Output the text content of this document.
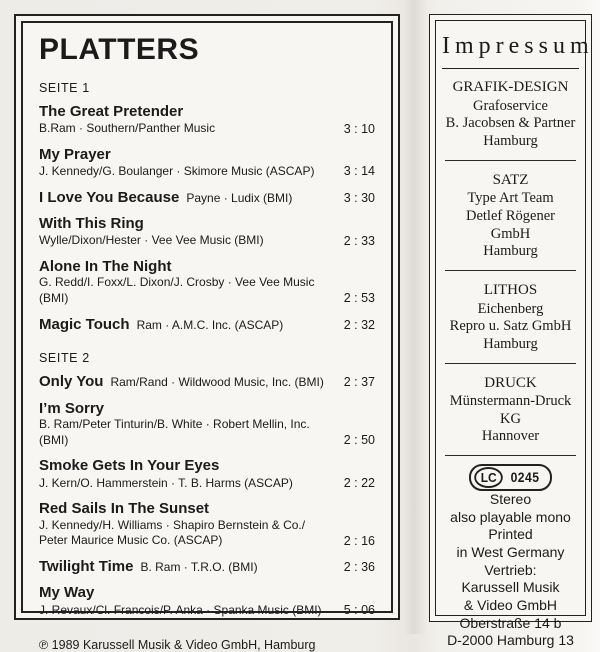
PLATTERS
SEITE 1
The Great Pretender
B.Ram · Southern/Panther Music	3 : 10
My Prayer
J. Kennedy/G. Boulanger · Skimore Music (ASCAP)	3 : 14
I Love You Because Payne · Ludix (BMI)	3 : 30
With This Ring
Wylle/Dixon/Hester · Vee Vee Music (BMI)	2 : 33
Alone In The Night
G. Redd/I. Foxx/L. Dixon/J. Crosby · Vee Vee Music (BMI)	2 : 53
Magic Touch Ram · A.M.C. Inc. (ASCAP)	2 : 32
SEITE 2
Only You Ram/Rand · Wildwood Music, Inc. (BMI)	2 : 37
I’m Sorry
B. Ram/Peter Tinturin/B. White · Robert Mellin, Inc. (BMI)	2 : 50
Smoke Gets In Your Eyes
J. Kern/O. Hammerstein · T. B. Harms (ASCAP)	2 : 22
Red Sails In The Sunset
J. Kennedy/H. Williams · Shapiro Bernstein & Co./
Peter Maurice Music Co. (ASCAP)	2 : 16
Twilight Time B. Ram · T.R.O. (BMI)	2 : 36
My Way
J. Revaux/Cl. Francois/P. Anka · Spanka Music (BMI)	5 : 06
℗ 1989 Karussell Musik & Video GmbH, Hamburg
Impressum
GRAFIK-DESIGN
Grafoservice
B. Jacobsen & Partner
Hamburg
SATZ
Type Art Team
Detlef Rögener GmbH
Hamburg
LITHOS
Eichenberg
Repro u. Satz GmbH
Hamburg
DRUCK
Münstermann-Druck KG
Hannover
LC	0245
Stereo
also playable mono
Printed
in West Germany
Vertrieb:
Karussell Musik
& Video GmbH
Oberstraße 14 b
D-2000 Hamburg 13
